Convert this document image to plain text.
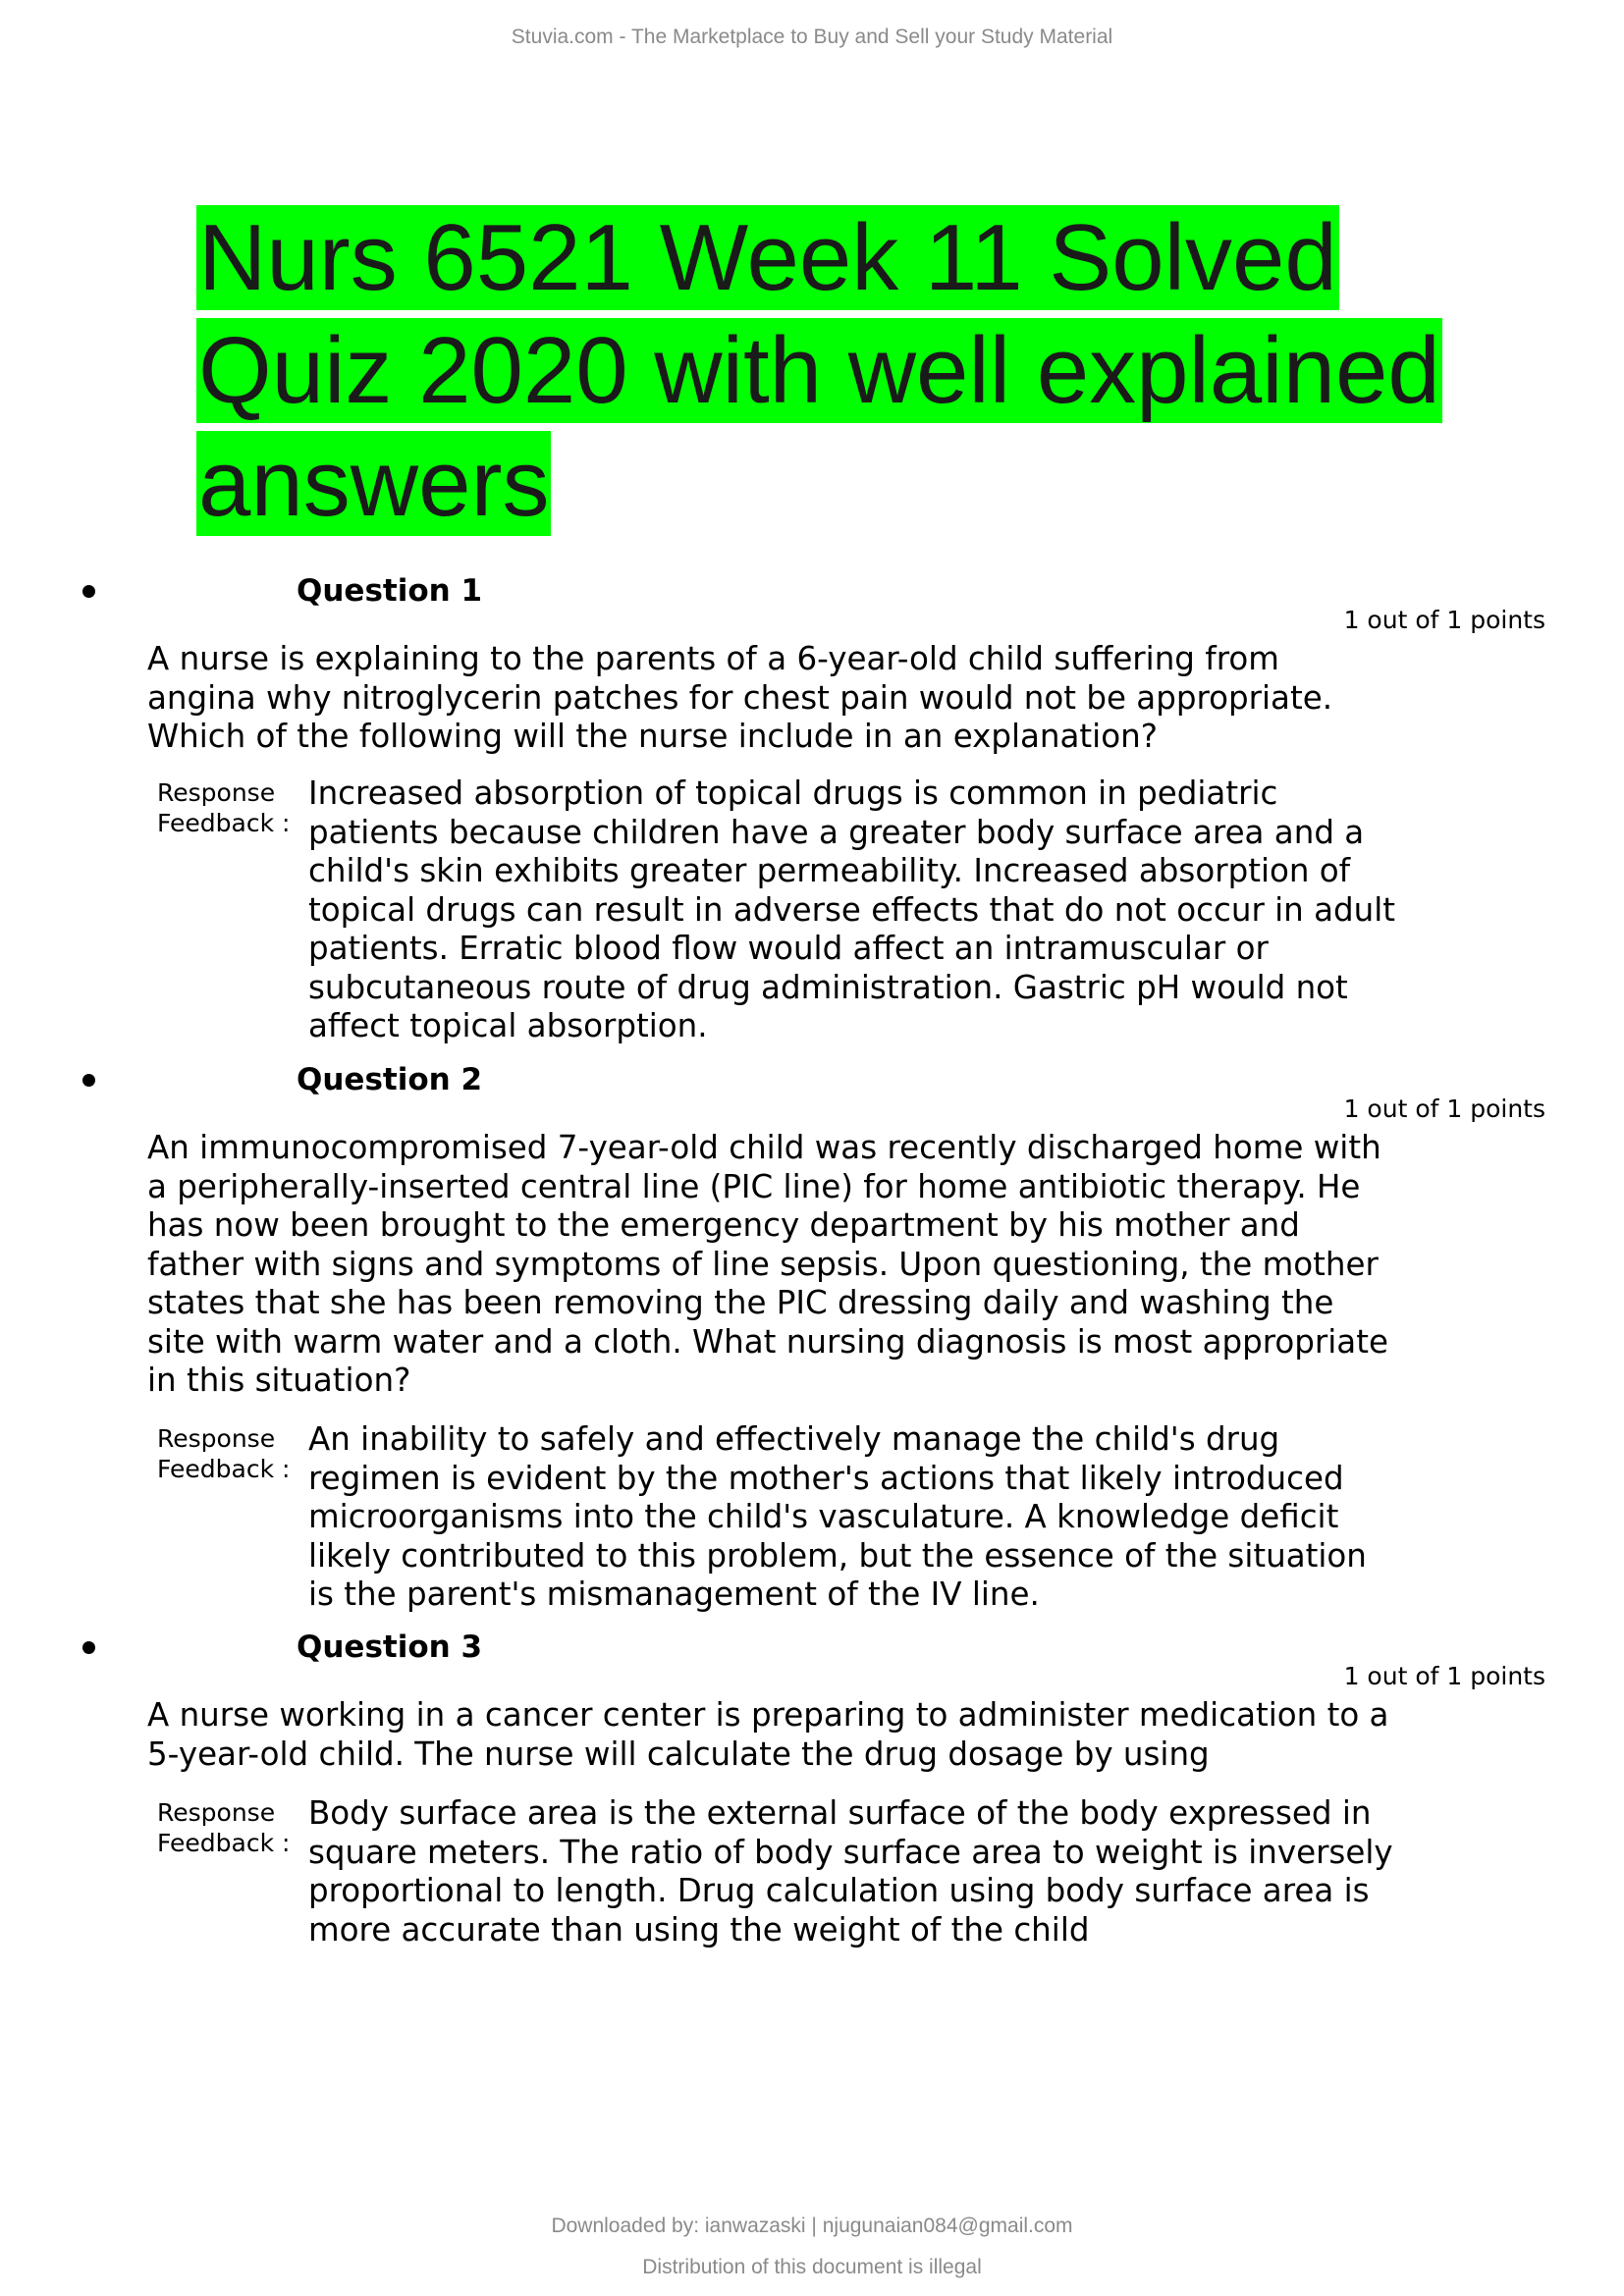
Stuvia.com - The Marketplace to Buy and Sell your Study Material
Nurs 6521 Week 11 Solved
Quiz 2020 with well explained
answers
Question 1
1 out of 1 points
A nurse is explaining to the parents of a 6-year-old child suffering from angina why nitroglycerin patches for chest pain would not be appropriate. Which of the following will the nurse include in an explanation?
Response Feedback :
Increased absorption of topical drugs is common in pediatric patients because children have a greater body surface area and a child's skin exhibits greater permeability. Increased absorption of topical drugs can result in adverse effects that do not occur in adult patients. Erratic blood flow would affect an intramuscular or subcutaneous route of drug administration. Gastric pH would not affect topical absorption.
Question 2
1 out of 1 points
An immunocompromised 7-year-old child was recently discharged home with a peripherally-inserted central line (PIC line) for home antibiotic therapy. He has now been brought to the emergency department by his mother and father with signs and symptoms of line sepsis. Upon questioning, the mother states that she has been removing the PIC dressing daily and washing the site with warm water and a cloth. What nursing diagnosis is most appropriate in this situation?
Response Feedback :
An inability to safely and effectively manage the child's drug regimen is evident by the mother's actions that likely introduced microorganisms into the child's vasculature. A knowledge deficit likely contributed to this problem, but the essence of the situation is the parent's mismanagement of the IV line.
Question 3
1 out of 1 points
A nurse working in a cancer center is preparing to administer medication to a 5-year-old child. The nurse will calculate the drug dosage by using
Response Feedback :
Body surface area is the external surface of the body expressed in square meters. The ratio of body surface area to weight is inversely proportional to length. Drug calculation using body surface area is more accurate than using the weight of the child
Downloaded by: ianwazaski | njugunaian084@gmail.com
Distribution of this document is illegal
